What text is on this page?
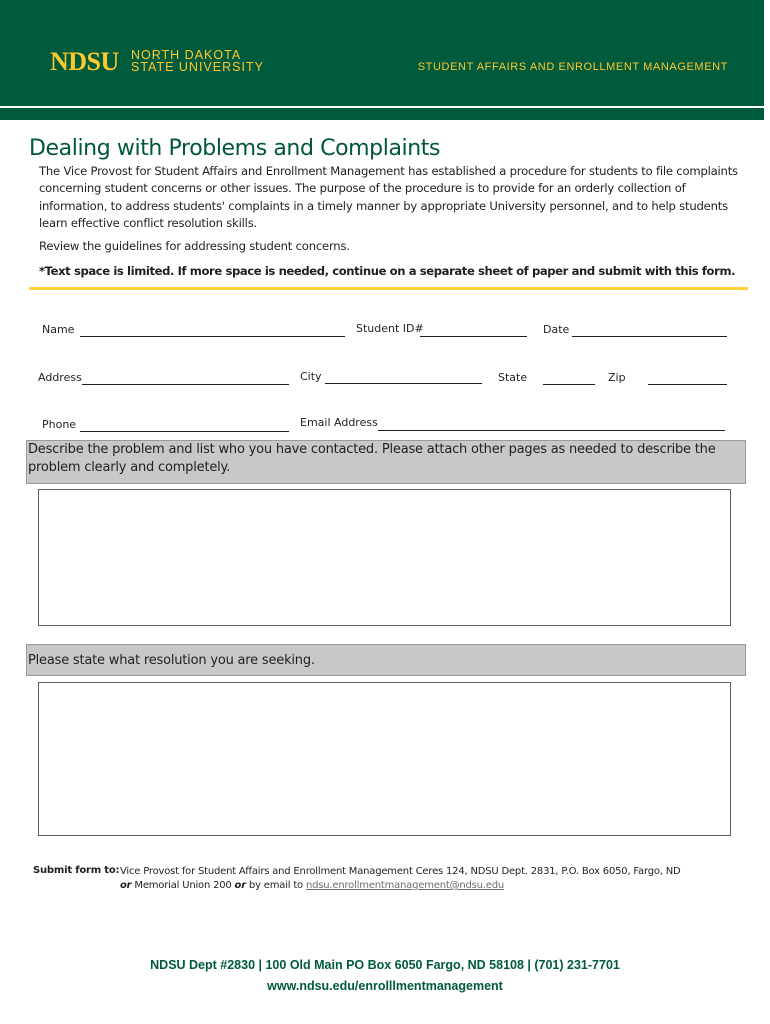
NDSU NORTH DAKOTA
STATE UNIVERSITY	STUDENT AFFAIRS AND ENROLLMENT MANAGEMENT
Dealing with Problems and Complaints

The Vice Provost for Student Affairs and Enrollment Management has established a procedure for students to file complaints concerning student concerns or other issues. The purpose of the procedure is to provide for an orderly collection of information, to address students' complaints in a timely manner by appropriate University personnel, and to help students learn effective conflict resolution skills.

Review the guidelines for addressing student concerns.

*Text space is limited. If more space is needed, continue on a separate sheet of paper and submit with this form.

Name	Student ID#	Date
Address	City	State	Zip
Phone	Email Address
Describe the problem and list who you have contacted. Please attach other pages as needed to describe the problem clearly and completely.
Please state what resolution you are seeking.
Submit form to: Vice Provost for Student Affairs and Enrollment Management Ceres 124, NDSU Dept. 2831, P.O. Box 6050, Fargo, ND
or Memorial Union 200 or by email to ndsu.enrollmentmanagement@ndsu.edu
NDSU Dept #2830 | 100 Old Main PO Box 6050 Fargo, ND 58108 | (701) 231-7701
www.ndsu.edu/enrolllmentmanagement
